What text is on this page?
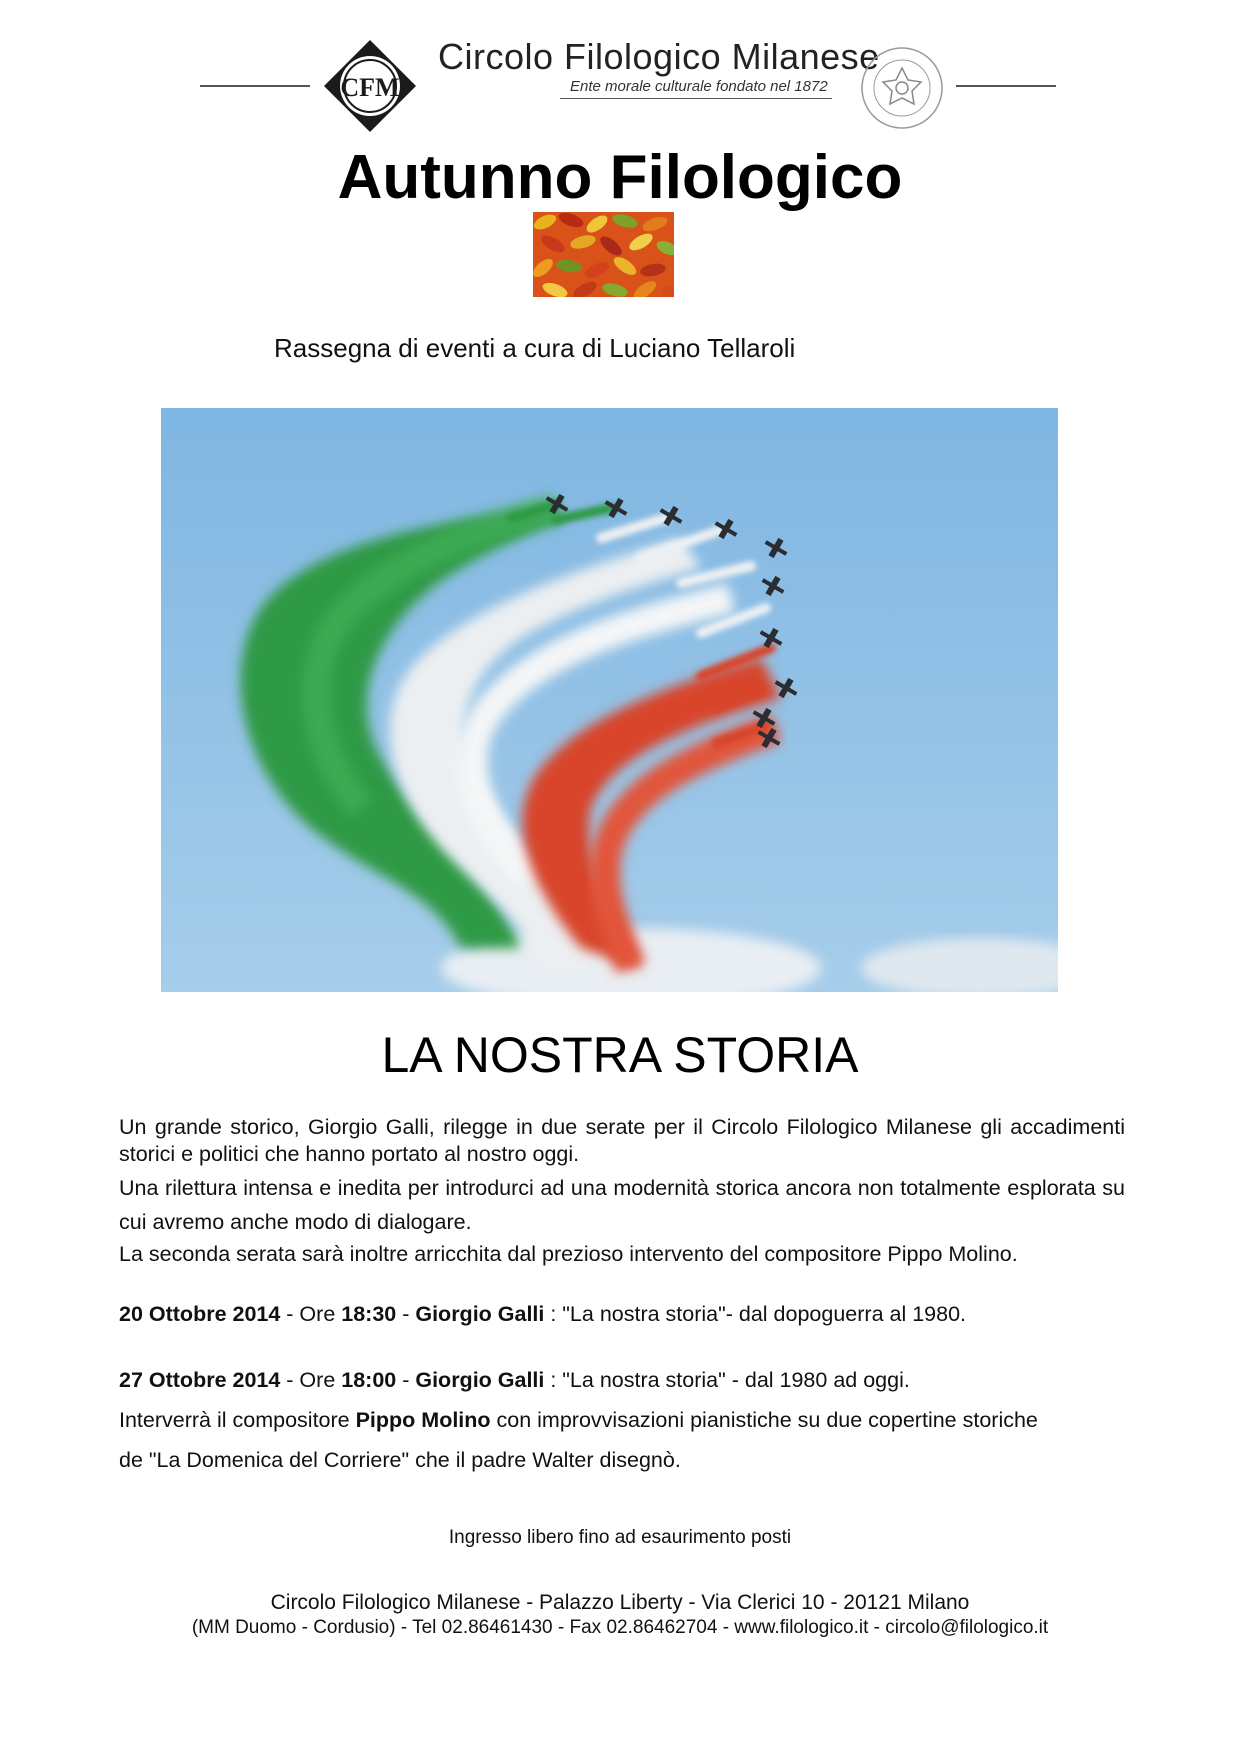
CFM
Circolo Filologico Milanese
Ente morale culturale fondato nel 1872
Autunno Filologico
Rassegna di eventi a cura di Luciano Tellaroli
LA NOSTRA STORIA
Un grande storico, Giorgio Galli, rilegge in due serate per il Circolo Filologico Milanese gli accadimenti storici e politici che hanno portato al nostro oggi.
Una rilettura intensa e inedita per introdurci ad una modernità storica ancora non totalmente esplorata su cui avremo anche modo di dialogare.
La seconda serata sarà inoltre arricchita dal prezioso intervento del compositore Pippo Molino.
20 Ottobre 2014 - Ore 18:30 - Giorgio Galli : "La nostra storia"- dal dopoguerra al 1980.
27 Ottobre 2014 - Ore 18:00 - Giorgio Galli : "La nostra storia" - dal 1980 ad oggi.
Interverrà il compositore Pippo Molino con improvvisazioni pianistiche su due copertine storiche
de "La Domenica del Corriere" che il padre Walter disegnò.
Ingresso libero fino ad esaurimento posti
Circolo Filologico Milanese - Palazzo Liberty - Via Clerici 10 - 20121 Milano
(MM Duomo - Cordusio) - Tel 02.86461430 - Fax 02.86462704 - www.filologico.it - circolo@filologico.it
